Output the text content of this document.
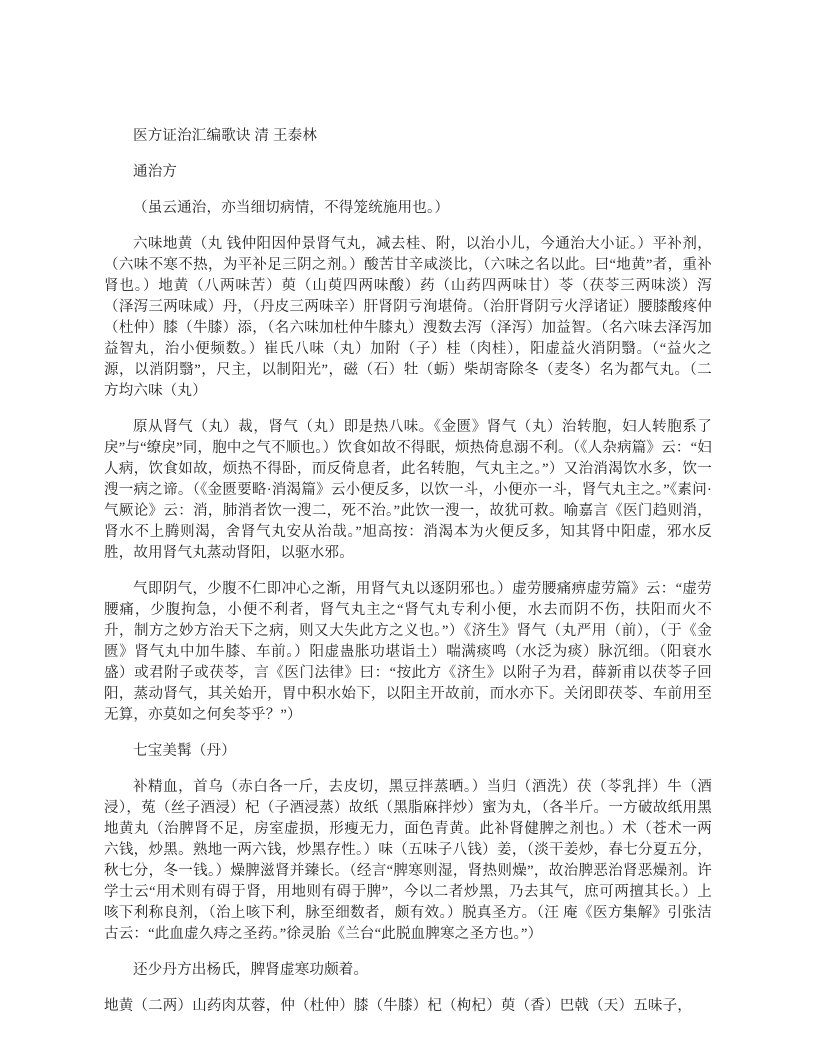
医方证治汇编歌诀 清 王泰林

通治方

（虽云通治，亦当细切病情，不得笼统施用也。）

六味地黄（丸 钱仲阳因仲景肾气丸，减去桂、附，以治小儿，今通治大小证。）平补剂，（六味不寒不热，为平补足三阴之剂。）酸苦甘辛咸淡比，（六味之名以此。曰“地黄”者，重补肾也。）地黄（八两味苦）萸（山萸四两味酸）药（山药四两味甘）苓（茯苓三两味淡）泻（泽泻三两味咸）丹，（丹皮三两味辛）肝肾阴亏洵堪倚。（治肝肾阴亏火浮诸证）腰膝酸疼仲（杜仲）膝（牛膝）添，（名六味加杜仲牛膝丸）溲数去泻（泽泻）加益智。（名六味去泽泻加益智丸，治小便频数。）崔氏八味（丸）加附（子）桂（肉桂），阳虚益火消阴翳。（“益火之源，以消阴翳”，尺主，以制阳光”，磁（石）牡（蛎）柴胡寄除冬（麦冬）名为都气丸。（二方均六味（丸）

原从肾气（丸）裁，肾气（丸）即是热八味。《金匮》肾气（丸）治转胞，妇人转胞系了戾”与“缭戾”同，胞中之气不顺也。）饮食如故不得眠，烦热倚息溺不利。（《人杂病篇》云：“妇人病，饮食如故，烦热不得卧，而反倚息者，此名转胞，气丸主之。”）又治消渴饮水多，饮一溲一病之谛。（《金匮要略·消渴篇》云小便反多，以饮一斗，小便亦一斗，肾气丸主之。”《素问·气厥论》云：消，肺消者饮一溲二，死不治。”此饮一溲一，故犹可救。喻嘉言《医门趋则消，肾水不上腾则渴，舍肾气丸安从治哉。”旭高按：消渴本为火便反多，知其肾中阳虚，邪水反胜，故用肾气丸蒸动肾阳，以驱水邪。

气即阴气，少腹不仁即冲心之渐，用肾气丸以逐阴邪也。）虚劳腰痛痹虚劳篇》云：“虚劳腰痛，少腹拘急，小便不利者，肾气丸主之“肾气丸专利小便，水去而阴不伤，扶阳而火不升，制方之妙方治天下之病，则又大失此方之义也。”）《济生》肾气（丸严用（前），（于《金匮》肾气丸中加牛膝、车前。）阳虚蛊胀功堪诣土）喘满痰鸣（水泛为痰）脉沉细。（阳衰水盛）或君附子或茯苓，言《医门法律》曰：“按此方《济生》以附子为君，薛新甫以茯苓子回阳，蒸动肾气，其关始开，胃中积水始下，以阳主开故前，而水亦下。关闭即茯苓、车前用至无算，亦莫如之何矣苓乎？”）

七宝美髯（丹）

补精血，首乌（赤白各一斤，去皮切，黑豆拌蒸晒。）当归（酒洗）茯（苓乳拌）牛（酒浸），菟（丝子酒浸）杞（子酒浸蒸）故纸（黑脂麻拌炒）蜜为丸，（各半斤。一方破故纸用黑地黄丸（治脾肾不足，房室虚损，形瘦无力，面色青黄。此补肾健脾之剂也。）术（苍术一两六钱，炒黑。熟地一两六钱，炒黑存性。）味（五味子八钱）姜，（淡干姜炒，春七分夏五分，秋七分，冬一钱。）燥脾滋肾并臻长。（经言“脾寒则湿，肾热则燥”，故治脾恶治肾恶燥剂。许学士云“用术则有碍于肾，用地则有碍于脾”，今以二者炒黑，乃去其气，庶可两擅其长。）上咳下利称良剂，（治上咳下利，脉至细数者，颇有效。）脱真圣方。（汪 庵《医方集解》引张洁古云：“此血虚久痔之圣药。”徐灵胎《兰台“此脱血脾寒之圣方也。”）

还少丹方出杨氏，脾肾虚寒功颇着。

地黄（二两）山药肉苁蓉，仲（杜仲）膝（牛膝）杞（枸杞）萸（香）巴戟（天）五味子，
